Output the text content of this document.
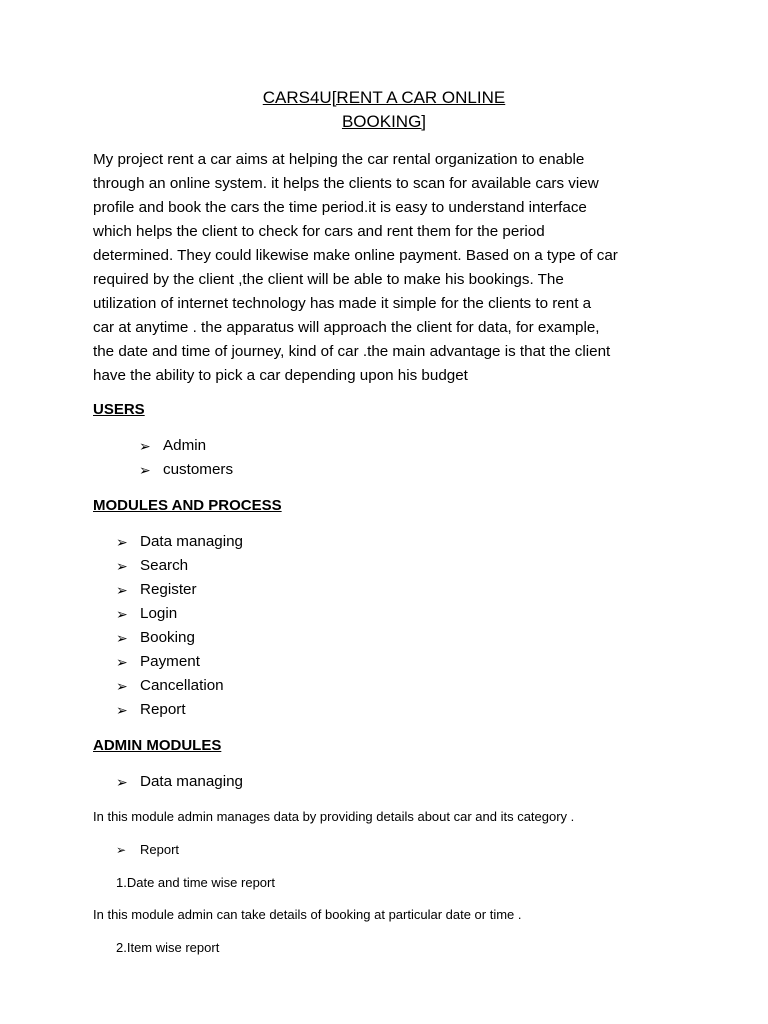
CARS4U[RENT A CAR ONLINE
BOOKING]
My project rent a car aims at helping the car rental organization to enable
through an online system. it helps the clients to scan for available cars view
profile and book the cars the time period.it is easy to understand interface
which helps the client to check for cars and rent them for the period
determined. They could likewise make online payment. Based on a type of car
required by the client ,the client will be able to make his bookings. The
utilization of internet technology has made it simple for the clients to rent a
car at anytime . the apparatus will approach the client for data, for example,
the date and time of journey, kind of car .the main advantage is that the client
have the ability to pick a car depending upon his budget
USERS
➢ Admin
➢ customers
MODULES AND PROCESS
➢ Data managing
➢ Search
➢ Register
➢ Login
➢ Booking
➢ Payment
➢ Cancellation
➢ Report
ADMIN MODULES
➢ Data managing
In this module admin manages data by providing details about car and its category .
➢ Report
1.Date and time wise report
In this module admin can take details of booking at particular date or time .
2.Item wise report
